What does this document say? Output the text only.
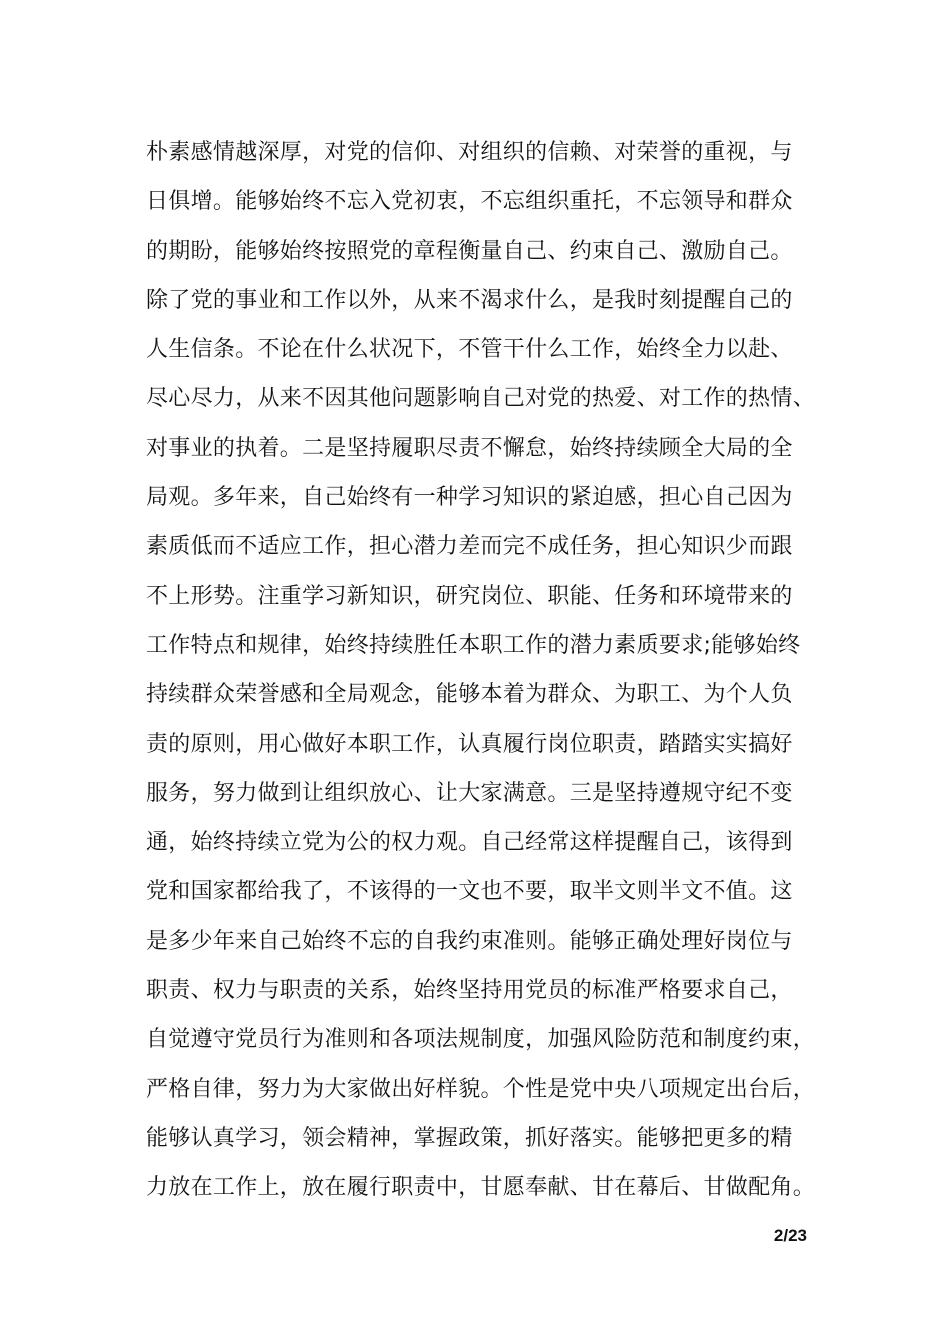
朴素感情越深厚，对党的信仰、对组织的信赖、对荣誉的重视，与
日俱增。能够始终不忘入党初衷，不忘组织重托，不忘领导和群众
的期盼，能够始终按照党的章程衡量自己、约束自己、激励自己。
除了党的事业和工作以外，从来不渴求什么，是我时刻提醒自己的
人生信条。不论在什么状况下，不管干什么工作，始终全力以赴、
尽心尽力，从来不因其他问题影响自己对党的热爱、对工作的热情、
对事业的执着。二是坚持履职尽责不懈怠，始终持续顾全大局的全
局观。多年来，自己始终有一种学习知识的紧迫感，担心自己因为
素质低而不适应工作，担心潜力差而完不成任务，担心知识少而跟
不上形势。注重学习新知识，研究岗位、职能、任务和环境带来的
工作特点和规律，始终持续胜任本职工作的潜力素质要求;能够始终
持续群众荣誉感和全局观念，能够本着为群众、为职工、为个人负
责的原则，用心做好本职工作，认真履行岗位职责，踏踏实实搞好
服务，努力做到让组织放心、让大家满意。三是坚持遵规守纪不变
通，始终持续立党为公的权力观。自己经常这样提醒自己，该得到
党和国家都给我了，不该得的一文也不要，取半文则半文不值。这
是多少年来自己始终不忘的自我约束准则。能够正确处理好岗位与
职责、权力与职责的关系，始终坚持用党员的标准严格要求自己，
自觉遵守党员行为准则和各项法规制度，加强风险防范和制度约束，
严格自律，努力为大家做出好样貌。个性是党中央八项规定出台后，
能够认真学习，领会精神，掌握政策，抓好落实。能够把更多的精
力放在工作上，放在履行职责中，甘愿奉献、甘在幕后、甘做配角。
2/23
